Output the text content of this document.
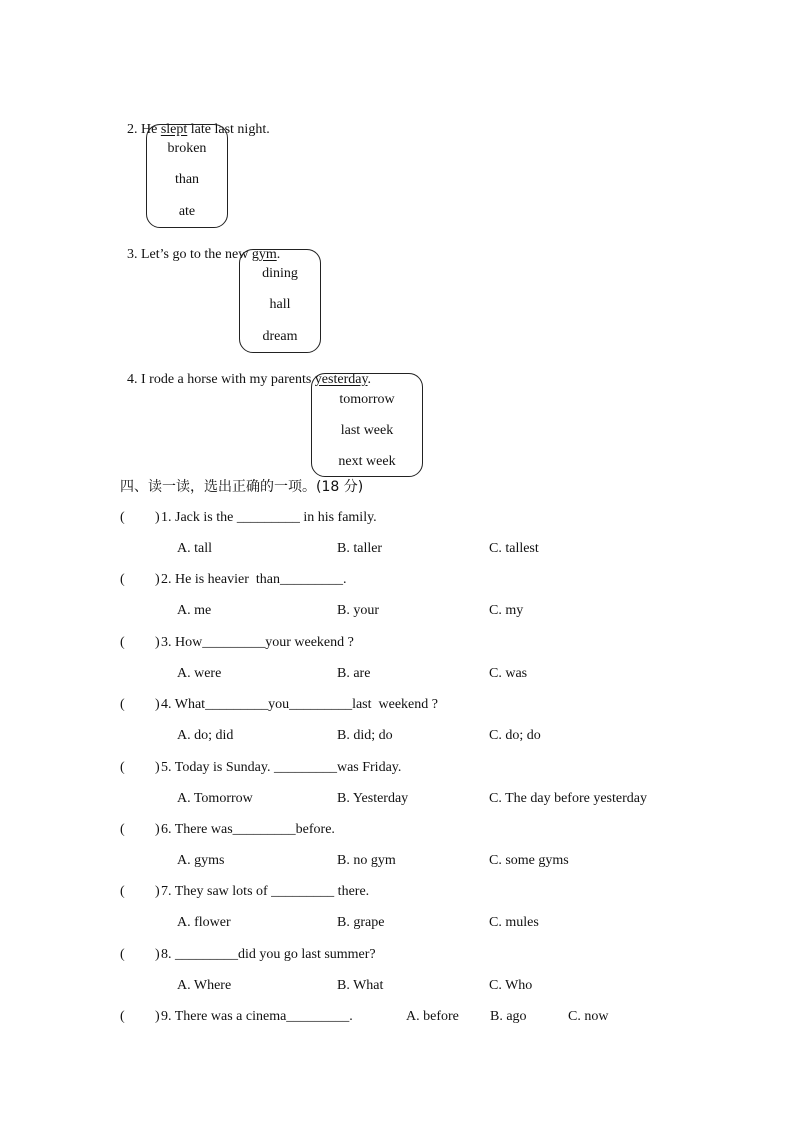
2. He slept late last night.

broken
than
ate

3. Let’s go to the new gym.

dining
hall
dream

4. I rode a horse with my parents yesterday.

tomorrow
last week
next week
四、读一读，选出正确的一项。(18 分)
( ) 1. Jack is the _________ in his family.
A. tall	B. taller	C. tallest
( ) 2. He is heavier  than_________.
A. me	B. your	C. my
( ) 3. How_________your weekend ?
A. were	B. are	C. was
( ) 4. What_________you_________last  weekend ?
A. do; did	B. did; do	C. do; do
( ) 5. Today is Sunday. _________was Friday.
A. Tomorrow	B. Yesterday	C. The day before yesterday
( ) 6. There was_________before.
A. gyms	B. no gym	C. some gyms
( ) 7. They saw lots of _________ there.
A. flower	B. grape	C. mules
( ) 8. _________did you go last summer?
A. Where	B. What	C. Who
( ) 9. There was a cinema_________.	A. before B. ago	C. now
